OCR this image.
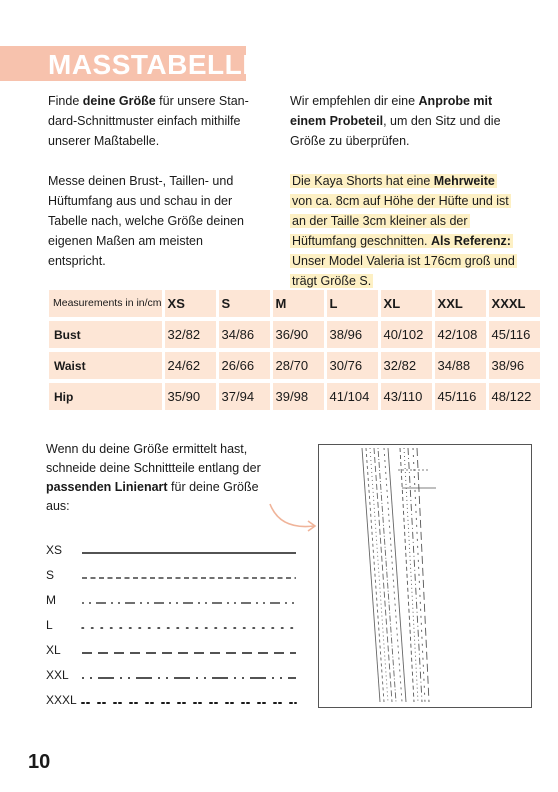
MASSTABELLE

Finde deine Größe für unsere Stan-dard-Schnittmuster einfach mithilfe unserer Maßtabelle.

Messe deinen Brust-, Taillen- und Hüftumfang aus und schau in der Tabelle nach, welche Größe deinen eigenen Maßen am meisten entspricht.

Wir empfehlen dir eine Anprobe mit einem Probeteil, um den Sitz und die Größe zu überprüfen.

Die Kaya Shorts hat eine Mehrweite von ca. 8cm auf Höhe der Hüfte und ist an der Taille 3cm kleiner als der Hüftumfang geschnitten. Als Referenz: Unser Model Valeria ist 176cm groß und trägt Größe S.

Measurements in in/cm	XS	S	M	L	XL	XXL	XXXL
Bust	32/82	34/86	36/90	38/96	40/102	42/108	45/116
Waist	24/62	26/66	28/70	30/76	32/82	34/88	38/96
Hip	35/90	37/94	39/98	41/104	43/110	45/116	48/122
Wenn du deine Größe ermittelt hast, schneide deine Schnittteile entlang der passenden Linienart für deine Größe aus:
XS
S
M
L
XL
XXL
XXXL
10
